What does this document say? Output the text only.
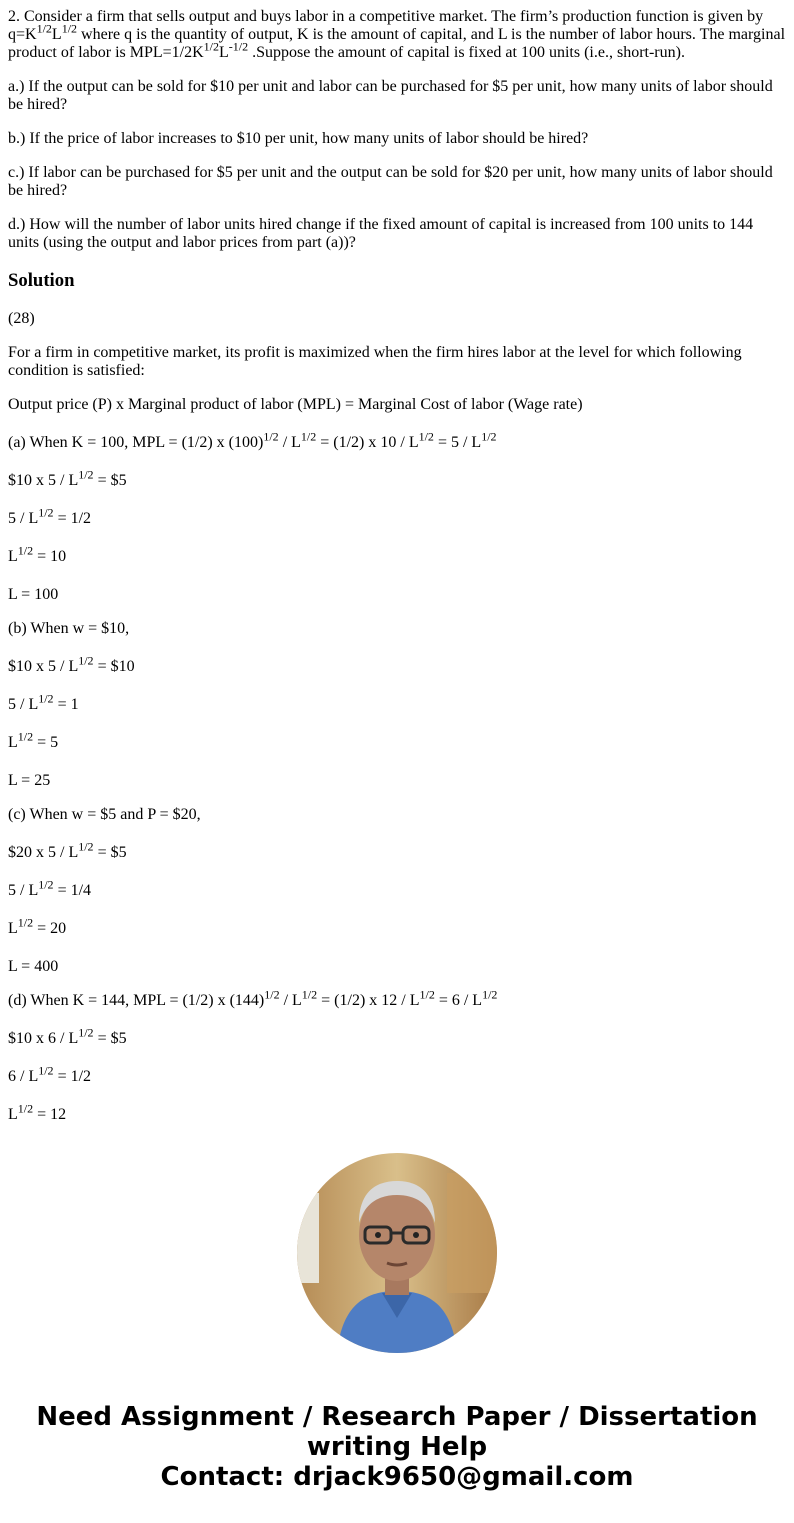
2. Consider a firm that sells output and buys labor in a competitive market. The firm’s production function is given by $q=K^{1/2}L^{1/2}$ where q is the quantity of output, K is the amount of capital, and L is the number of labor hours. The marginal product of labor is $MPL=1/2K^{1/2}L^{-1/2}$ .Suppose the amount of capital is fixed at 100 units (i.e., short-run).

a.) If the output can be sold for $10 per unit and labor can be purchased for $5 per unit, how many units of labor should be hired?

b.) If the price of labor increases to $10 per unit, how many units of labor should be hired?

c.) If labor can be purchased for $5 per unit and the output can be sold for $20 per unit, how many units of labor should be hired?

d.) How will the number of labor units hired change if the fixed amount of capital is increased from 100 units to 144 units (using the output and labor prices from part (a))?

Solution

(28)

For a firm in competitive market, its profit is maximized when the firm hires labor at the level for which following condition is satisfied:

Output price (P) x Marginal product of labor (MPL) = Marginal Cost of labor (Wage rate)

(a) When K = 100, MPL = (1/2) x $(100)^{1/2} / L^{1/2} = (1/2)$ x $10 / L^{1/2} = 5 / L^{1/2}$

$10 x $5 / L^{1/2}$ = $5

$5 / L^{1/2} = 1/2$

$L^{1/2} = 10$

L = 100

(b) When w = $10,

$10 x $5 / L^{1/2}$ = $10

$5 / L^{1/2} = 1$

$L^{1/2} = 5$

L = 25

(c) When w = $5 and P = $20,

$20 x $5 / L^{1/2}$ = $5

$5 / L^{1/2} = 1/4$

$L^{1/2} = 20$

L = 400

(d) When K = 144, MPL = (1/2) x $(144)^{1/2} / L^{1/2} = (1/2)$ x $12 / L^{1/2} = 6 / L^{1/2}$

$10 x $6 / L^{1/2}$ = $5

$6 / L^{1/2} = 1/2$

$L^{1/2} = 12$

Need Assignment / Research Paper / Dissertation
writing Help
Contact: drjack9650@gmail.com
